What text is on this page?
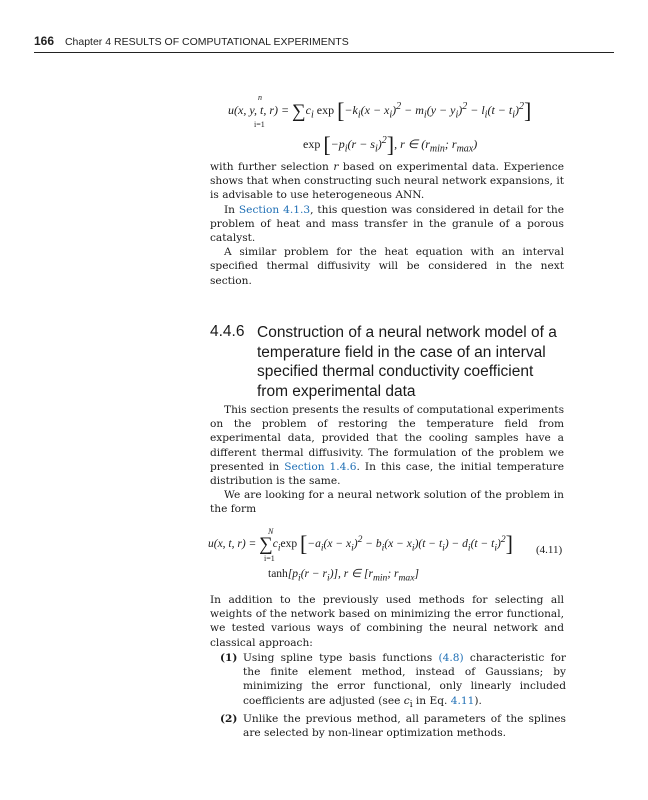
166 Chapter 4 RESULTS OF COMPUTATIONAL EXPERIMENTS
n
i=1
u(x, y, t, $r) = \sum c_i$ $\exp [-k_i(x - x_i)^2 - m_i(y - y_i)^2 - l_i(t - t_i)^2]$
$\exp [-p_i(r - s_i)^2]$, r ∈ ($r_{min}$; $r_{max}$)

with further selection r based on experimental data. Experience shows that when constructing such neural network expansions, it is advisable to use heterogeneous ANN.

In Section 4.1.3, this question was considered in detail for the problem of heat and mass transfer in the granule of a porous catalyst.

A similar problem for the heat equation with an interval specified thermal diffusivity will be considered in the next section.

4.4.6 Construction of a neural network model of a temperature field in the case of an interval specified thermal conductivity coefficient from experimental data

This section presents the results of computational experiments on the problem of restoring the temperature field from experimental data, provided that the cooling samples have a different thermal diffusivity. The formulation of the problem we presented in Section 1.4.6. In this case, the initial temperature distribution is the same.

We are looking for a neural network solution of the problem in the form

N
i=1
u(x, t, $r) = \sum c_i\exp$ $[-a_i(x - x_i)^2 - b_i(x - x_i)(t - t_i) - d_i(t - t_i)^2]$ (4.11)
$\tanh[p_i(r - r_i)]$, r ∈ [$r_{min}$; $r_{max}$]

In addition to the previously used methods for selecting all weights of the network based on minimizing the error functional, we tested various ways of combining the neural network and classical approach:

(1) Using spline type basis functions (4.8) characteristic for the finite element method, instead of Gaussians; by minimizing the error functional, only linearly included coefficients are adjusted (see $c_i$ in Eq. 4.11).
(2) Unlike the previous method, all parameters of the splines are selected by non-linear optimization methods.
